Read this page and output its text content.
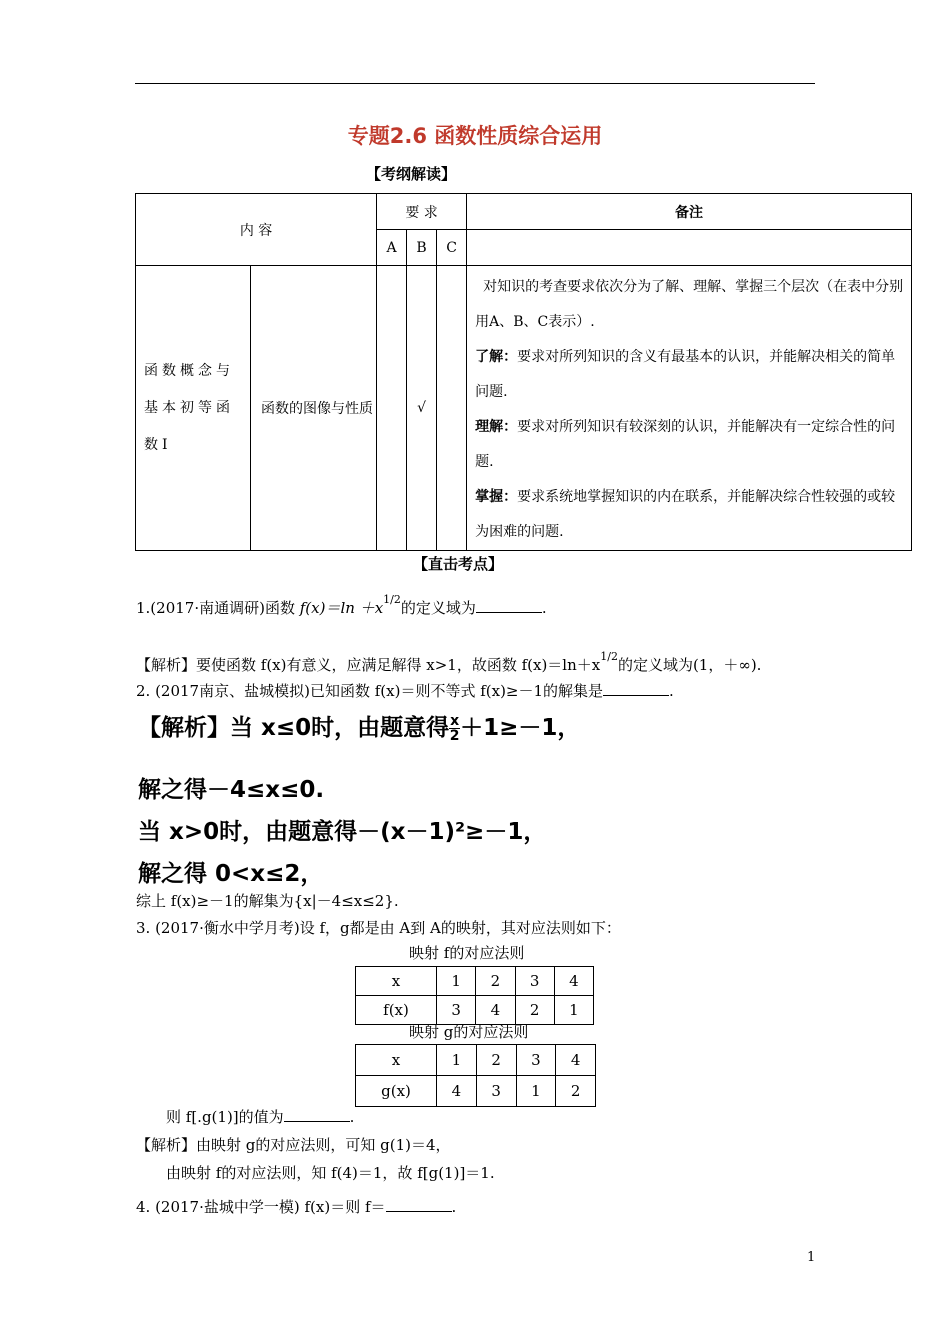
专题2.6 函数性质综合运用
【考纲解读】
内 容		要 求			备注
		A	B	C	
函数概念与基本初等函数Ⅰ	函数的图像与性质		√		对知识的考查要求依次分为了解、理解、掌握三个层次（在表中分别用A、B、C表示）.

了解：要求对所列知识的含义有最基本的认识，并能解决相关的简单问题.

理解：要求对所列知识有较深刻的认识，并能解决有一定综合性的问题.

掌握：要求系统地掌握知识的内在联系，并能解决综合性较强的或较为困难的问题.

【直击考点】
1.(2017·南通调研)函数 $f(x)=\ln +x^{1/2}$的定义域为	.
【解析】要使函数 f(x)有意义，应满足解得 x>1，故函数 $f(x)=\ln+x^{1/2}$的定义域为(1，＋∞).
2. (2017南京、盐城模拟)已知函数 f(x)＝则不等式 f(x)≥－1的解集是	.
【解析】当 x≤0时，由题意得 $\frac{x}{2} +1\ge-1$，
解之得－4≤x≤0.
当 x>0时，由题意得－(x－1)²≥－1，
解之得 0<x≤2，
综上 f(x)≥－1的解集为{x|－4≤x≤2}.
3. (2017·衡水中学月考)设 f，g都是由 A到 A的映射，其对应法则如下：
映射 f的对应法则
x	1	2	3	4
f(x)	3	4	2	1
映射 g的对应法则
x	1	2	3	4
g(x)	4	3	1	2
则 f[.g(1)]的值为	.
【解析】由映射 g的对应法则，可知 g(1)＝4，
由映射 f的对应法则，知 f(4)＝1，故 f[g(1)]＝1.
4. (2017·盐城中学一模) f(x)＝则 f＝	.
1
